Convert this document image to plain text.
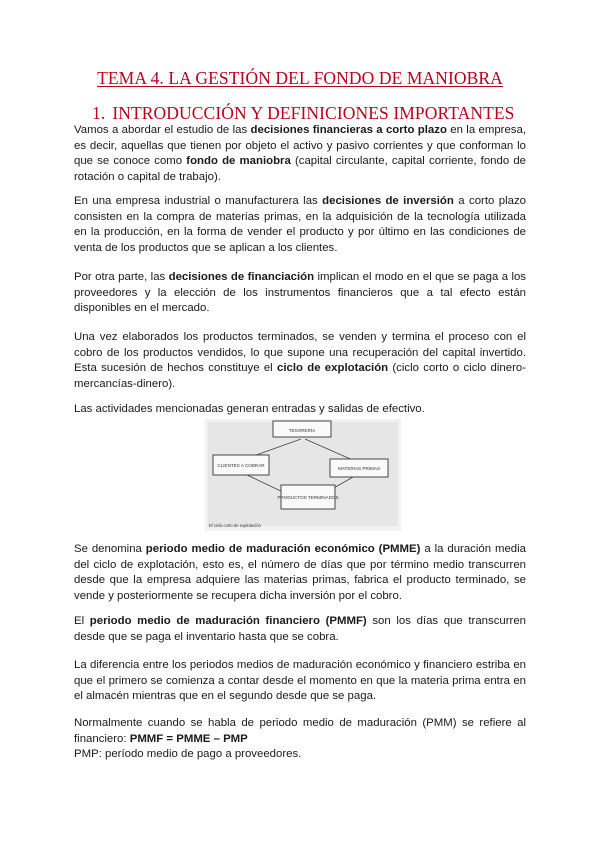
TEMA 4. LA GESTIÓN DEL FONDO DE MANIOBRA
1. INTRODUCCIÓN Y DEFINICIONES IMPORTANTES

Vamos a abordar el estudio de las decisiones financieras a corto plazo en la empresa, es decir, aquellas que tienen por objeto el activo y pasivo corrientes y que conforman lo que se conoce como fondo de maniobra (capital circulante, capital corriente, fondo de rotación o capital de trabajo).

En una empresa industrial o manufacturera las decisiones de inversión a corto plazo consisten en la compra de materias primas, en la adquisición de la tecnología utilizada en la producción, en la forma de vender el producto y por último en las condiciones de venta de los productos que se aplican a los clientes.

Por otra parte, las decisiones de financiación implican el modo en el que se paga a los proveedores y la elección de los instrumentos financieros que a tal efecto están disponibles en el mercado.

Una vez elaborados los productos terminados, se venden y termina el proceso con el cobro de los productos vendidos, lo que supone una recuperación del capital invertido. Esta sucesión de hechos constituye el ciclo de explotación (ciclo corto o ciclo dinero-mercancías-dinero).

Las actividades mencionadas generan entradas y salidas de efectivo.

TESORERÍA
CLIENTES A COBRAR
MATERIAS PRIMAS
PRODUCTOS TERMINADOS
El ciclo corto de explotación

Se denomina periodo medio de maduración económico (PMME) a la duración media del ciclo de explotación, esto es, el número de días que por término medio transcurren desde que la empresa adquiere las materias primas, fabrica el producto terminado, se vende y posteriormente se recupera dicha inversión por el cobro.

El periodo medio de maduración financiero (PMMF) son los días que transcurren desde que se paga el inventario hasta que se cobra.

La diferencia entre los periodos medios de maduración económico y financiero estriba en que el primero se comienza a contar desde el momento en que la materia prima entra en el almacén mientras que en el segundo desde que se paga.

Normalmente cuando se habla de periodo medio de maduración (PMM) se refiere al financiero: PMMF = PMME – PMP
PMP: período medio de pago a proveedores.
